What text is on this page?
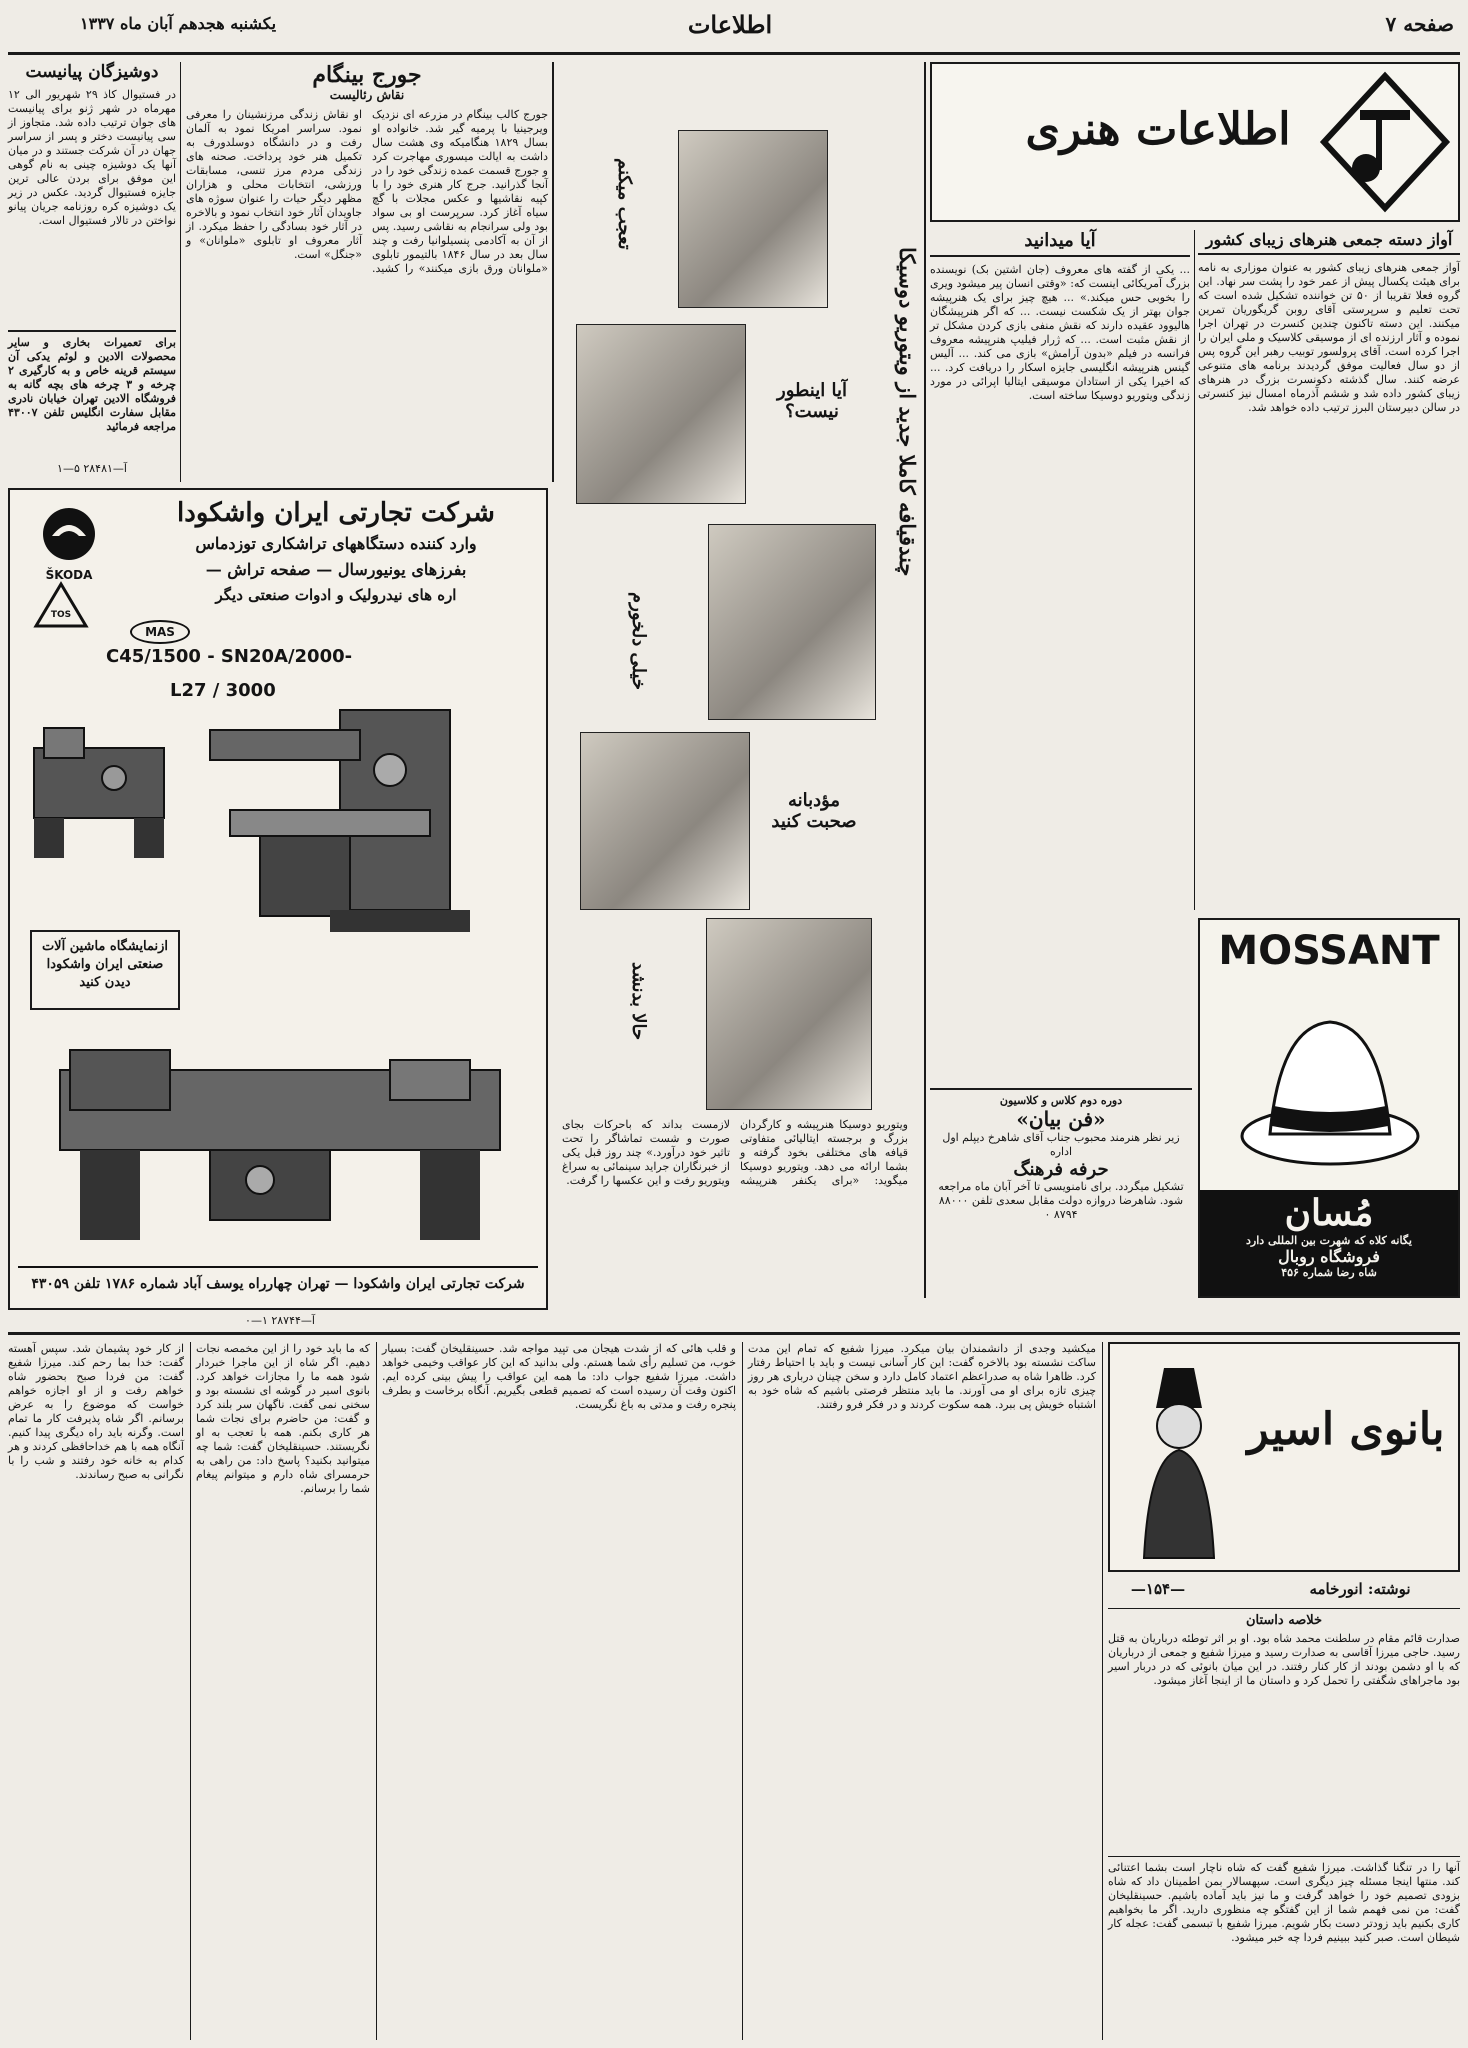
صفحه ۷
اطلاعات
یکشنبه هجدهم آبان ماه ۱۳۳۷
دوشیزگان پیانیست
در فستیوال کاذ ۲۹ شهریور الی ۱۲ مهرماه در شهر ژنو برای پیانیست های جوان ترتیب داده شد. متجاوز از سی پیانیست دختر و پسر از سراسر جهان در آن شرکت جستند و در میان آنها یک دوشیزه چینی به نام گوهی این موفق برای بردن عالی ترین جایزه فستیوال گردید. عکس در زیر یک دوشیزه کره روزنامه جریان پیانو نواختن در تالار فستیوال است.
برای تعمیرات بخاری و سایر محصولات الادین و لوئم یدکی آن سیستم قرینه خاص و به کارگیری ۲ چرخه و ۳ چرخه های بچه گانه به فروشگاه الادین تهران خیابان نادری مقابل سفارت انگلیس تلفن ۴۳۰۰۷ مراجعه فرمائید
آ—۲۸۴۸۱ ۵—۱
جورج بینگام
نقاش رئالیست
جورج کالب بینگام در مزرعه ای نزدیک ویرجینیا با پرمیه گیر شد. خانواده او بسال ۱۸۲۹ هنگامیکه وی هشت سال داشت به ایالت میسوری مهاجرت کرد و جورج قسمت عمده زندگی خود را در آنجا گذرانید. جرج کار هنری خود را با کپیه نقاشیها و عکس مجلات با گچ سیاه آغاز کرد. سرپرست او بی سواد بود ولی سرانجام به نقاشی رسید. پس از آن به آکادمی پنسیلوانیا رفت و چند سال بعد در سال ۱۸۴۶ بالتیمور تابلوی «ملوانان ورق بازی میکنند» را کشید. او نقاش زندگی مرزنشینان را معرفی نمود. سراسر امریکا نمود به آلمان رفت و در دانشگاه دوسلدورف به تکمیل هنر خود پرداخت. صحنه های زندگی مردم مرز تنسی، مسابقات ورزشی، انتخابات محلی و هزاران مظهر دیگر حیات را عنوان سوژه های جاویدان آثار خود انتخاب نمود و بالاخره در آثار خود بسادگی را حفظ میکرد. از آثار معروف او تابلوی «ملوانان» و «جنگل» است.	چندقیافه کاملا جدید از ویتوریو دوسیکا
تعجب میکنم
آیا اینطور نیست؟
خیلی دلخورم
مؤدبانه صحبت کنید
حالا بدنشد
ویتوریو دوسیکا هنرپیشه و کارگردان بزرگ و برجسته ایتالیائی متفاوتی قیافه های مختلفی بخود گرفته و بشما ارائه می دهد. ویتوریو دوسیکا میگوید: «برای یکنفر هنرپیشه لازمست بداند که باحرکات بجای صورت و شست تماشاگر را تحت تاثیر خود درآورد.» چند روز قبل یکی از خبرنگاران جراید سینمائی به سراغ ویتوریو رفت و این عکسها را گرفت.
اطلاعات هنری
آواز دسته جمعی هنرهای زیبای کشور
آواز جمعی هنرهای زیبای کشور به عنوان موزاری به نامه برای هیئت یکسال پیش از عمر خود را پشت سر نهاد. این گروه فعلا تقریبا از ۵۰ تن خواننده تشکیل شده است که تحت تعلیم و سرپرستی آقای روبن گریگوریان تمرین میکنند. این دسته تاکنون چندین کنسرت در تهران اجرا نموده و آثار ارزنده ای از موسیقی کلاسیک و ملی ایران را اجرا کرده است. آقای پرولسور توبیب رهبر این گروه پس از دو سال فعالیت موفق گردیدند برنامه های متنوعی عرضه کنند. سال گذشته دکونسرت بزرگ در هنرهای زیبای کشور داده شد و ششم آذرماه امسال نیز کنسرتی در سالن دبیرستان البرز ترتیب داده خواهد شد.
آیا میدانید
... یکی از گفته های معروف (جان اشتین بک) نویسنده بزرگ آمریکائی اینست که: «وقتی انسان پیر میشود ویری را بخوبی حس میکند.» ... هیچ چیز برای یک هنرپیشه جوان بهتر از یک شکست نیست. ... که اگر هنرپیشگان هالیوود عقیده دارند که نقش منفی بازی کردن مشکل تر از نقش مثبت است. ... که ژرار فیلیپ هنرپیشه معروف فرانسه در فیلم «بدون آرامش» بازی می کند. ... آلیس گینس هنرپیشه انگلیسی جایزه اسکار را دریافت کرد. ... که اخیرا یکی از استادان موسیقی ایتالیا اپرائی در مورد زندگی ویتوریو دوسیکا ساخته است.
MOSSANT
مُسان
یگانه کلاه که شهرت بین المللی دارد
فروشگاه روبال
شاه رضا شماره ۴۵۶
دوره دوم کلاس و کلاسیون
«فن بیان»
زیر نظر هنرمند محبوب جناب آقای شاهرخ دیپلم اول اداره
حرفه فرهنگ
تشکیل میگردد. برای نامنویسی تا آخر آبان ماه مراجعه شود. شاهرضا دروازه دولت مقابل سعدی تلفن ۸۸۰۰۰
۸۷۹۴ ۰
شرکت تجارتی ایران واشکودا
وارد کننده دستگاههای تراشکاری توزدماس
بفرزهای یونیورسال — صفحه تراش —
اره های نیدرولیک و ادوات صنعتی دیگر
ŠKODA
TOS
MAS
C45/1500 - SN20A/2000-
L27 / 3000
ازنمایشگاه ماشین آلات صنعتی ایران واشکودا دیدن کنید
شرکت تجارتی ایران واشکودا — تهران چهارراه یوسف آباد شماره ۱۷۸۶ تلفن ۴۳۰۵۹
آ—۲۸۷۴۴ ۱—۰
بانوی اسیر
نوشته: انورخامه
—۱۵۴—
خلاصه داستان
صدارت قائم مقام در سلطنت محمد شاه بود. او بر اثر توطئه درباریان به قتل رسید. حاجی میرزا آقاسی به صدارت رسید و میرزا شفیع و جمعی از درباریان که با او دشمن بودند از کار کنار رفتند. در این میان بانوئی که در دربار اسیر بود ماجراهای شگفتی را تحمل کرد و داستان ما از اینجا آغاز میشود.
آنها را در تنگنا گذاشت. میرزا شفیع گفت که شاه ناچار است بشما اعتنائی کند. منتها اینجا مسئله چیز دیگری است. سپهسالار بمن اطمینان داد که شاه بزودی تصمیم خود را خواهد گرفت و ما نیز باید آماده باشیم. حسینقلیخان گفت: من نمی فهمم شما از این گفتگو چه منظوری دارید. اگر ما بخواهیم کاری بکنیم باید زودتر دست بکار شویم. میرزا شفیع با تبسمی گفت: عجله کار شیطان است. صبر کنید ببینیم فردا چه خبر میشود.
میکشید وجدی از دانشمندان بیان میکرد. میرزا شفیع که تمام این مدت ساکت نشسته بود بالاخره گفت: این کار آسانی نیست و باید با احتیاط رفتار کرد. ظاهرا شاه به صدراعظم اعتماد کامل دارد و سخن چینان درباری هر روز چیزی تازه برای او می آورند. ما باید منتظر فرصتی باشیم که شاه خود به اشتباه خویش پی ببرد. همه سکوت کردند و در فکر فرو رفتند.
و قلب هائی که از شدت هیجان می تپید مواجه شد. حسینقلیخان گفت: بسیار خوب، من تسلیم رأی شما هستم. ولی بدانید که این کار عواقب وخیمی خواهد داشت. میرزا شفیع جواب داد: ما همه این عواقب را پیش بینی کرده ایم. اکنون وقت آن رسیده است که تصمیم قطعی بگیریم. آنگاه برخاست و بطرف پنجره رفت و مدتی به باغ نگریست.
که ما باید خود را از این مخمصه نجات دهیم. اگر شاه از این ماجرا خبردار شود همه ما را مجازات خواهد کرد. بانوی اسیر در گوشه ای نشسته بود و سخنی نمی گفت. ناگهان سر بلند کرد و گفت: من حاضرم برای نجات شما هر کاری بکنم. همه با تعجب به او نگریستند. حسینقلیخان گفت: شما چه میتوانید بکنید؟ پاسخ داد: من راهی به حرمسرای شاه دارم و میتوانم پیغام شما را برسانم.
از کار خود پشیمان شد. سپس آهسته گفت: خدا بما رحم کند. میرزا شفیع گفت: من فردا صبح بحضور شاه خواهم رفت و از او اجازه خواهم خواست که موضوع را به عرض برسانم. اگر شاه پذیرفت کار ما تمام است. وگرنه باید راه دیگری پیدا کنیم. آنگاه همه با هم خداحافظی کردند و هر کدام به خانه خود رفتند و شب را با نگرانی به صبح رساندند.
